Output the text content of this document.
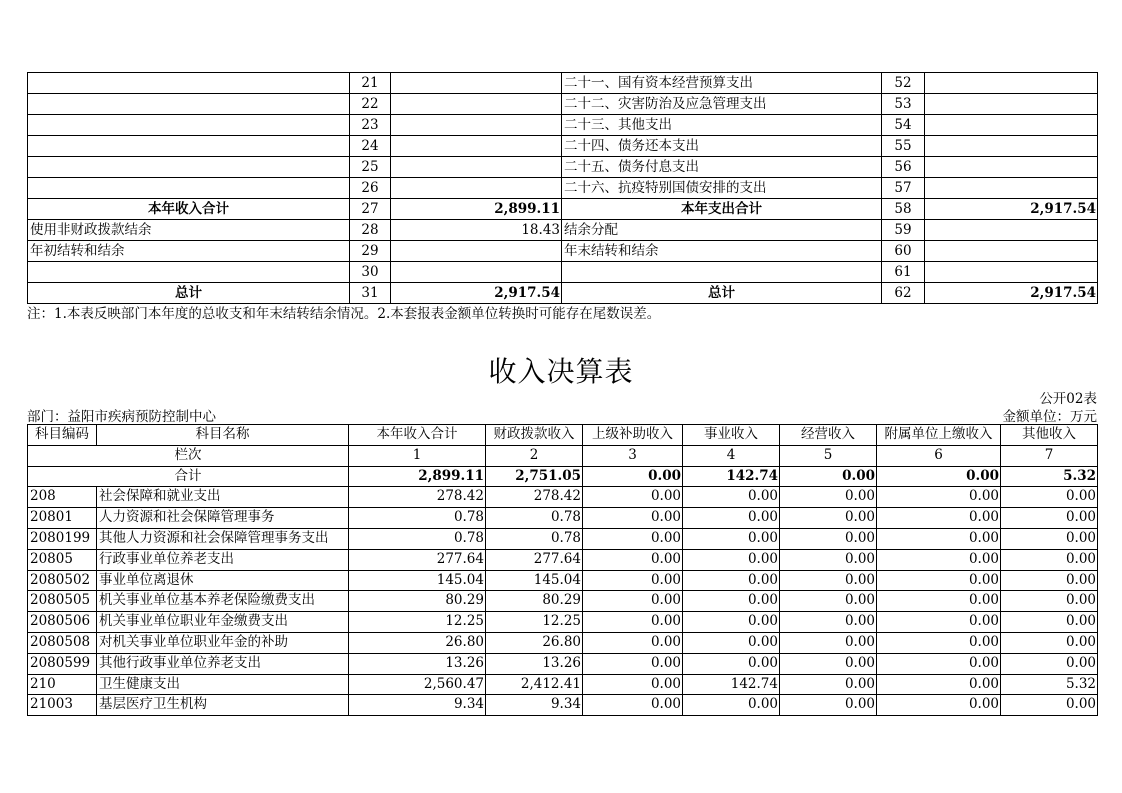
	21		二十一、国有资本经营预算支出	52	
	22		二十二、灾害防治及应急管理支出	53	
	23		二十三、其他支出	54	
	24		二十四、债务还本支出	55	
	25		二十五、债务付息支出	56	
	26		二十六、抗疫特别国债安排的支出	57	
本年收入合计	27	2,899.11	本年支出合计	58	2,917.54
使用非财政拨款结余	28	18.43	结余分配	59	
年初结转和结余	29		年末结转和结余	60	
	30			61	
总计	31	2,917.54	总计	62	2,917.54
注：1.本表反映部门本年度的总收支和年末结转结余情况。2.本套报表金额单位转换时可能存在尾数误差。
收入决算表
公开02表
部门：益阳市疾病预防控制中心	金额单位：万元
科目编码	科目名称	本年收入合计	财政拨款收入	上级补助收入	事业收入	经营收入	附属单位上缴收入	其他收入
栏次		1	2	3	4	5	6	7
合计		2,899.11	2,751.05	0.00	142.74	0.00	0.00	5.32
208	社会保障和就业支出	278.42	278.42	0.00	0.00	0.00	0.00	0.00
20801	人力资源和社会保障管理事务	0.78	0.78	0.00	0.00	0.00	0.00	0.00
2080199	其他人力资源和社会保障管理事务支出	0.78	0.78	0.00	0.00	0.00	0.00	0.00
20805	行政事业单位养老支出	277.64	277.64	0.00	0.00	0.00	0.00	0.00
2080502	事业单位离退休	145.04	145.04	0.00	0.00	0.00	0.00	0.00
2080505	机关事业单位基本养老保险缴费支出	80.29	80.29	0.00	0.00	0.00	0.00	0.00
2080506	机关事业单位职业年金缴费支出	12.25	12.25	0.00	0.00	0.00	0.00	0.00
2080508	对机关事业单位职业年金的补助	26.80	26.80	0.00	0.00	0.00	0.00	0.00
2080599	其他行政事业单位养老支出	13.26	13.26	0.00	0.00	0.00	0.00	0.00
210	卫生健康支出	2,560.47	2,412.41	0.00	142.74	0.00	0.00	5.32
21003	基层医疗卫生机构	9.34	9.34	0.00	0.00	0.00	0.00	0.00
